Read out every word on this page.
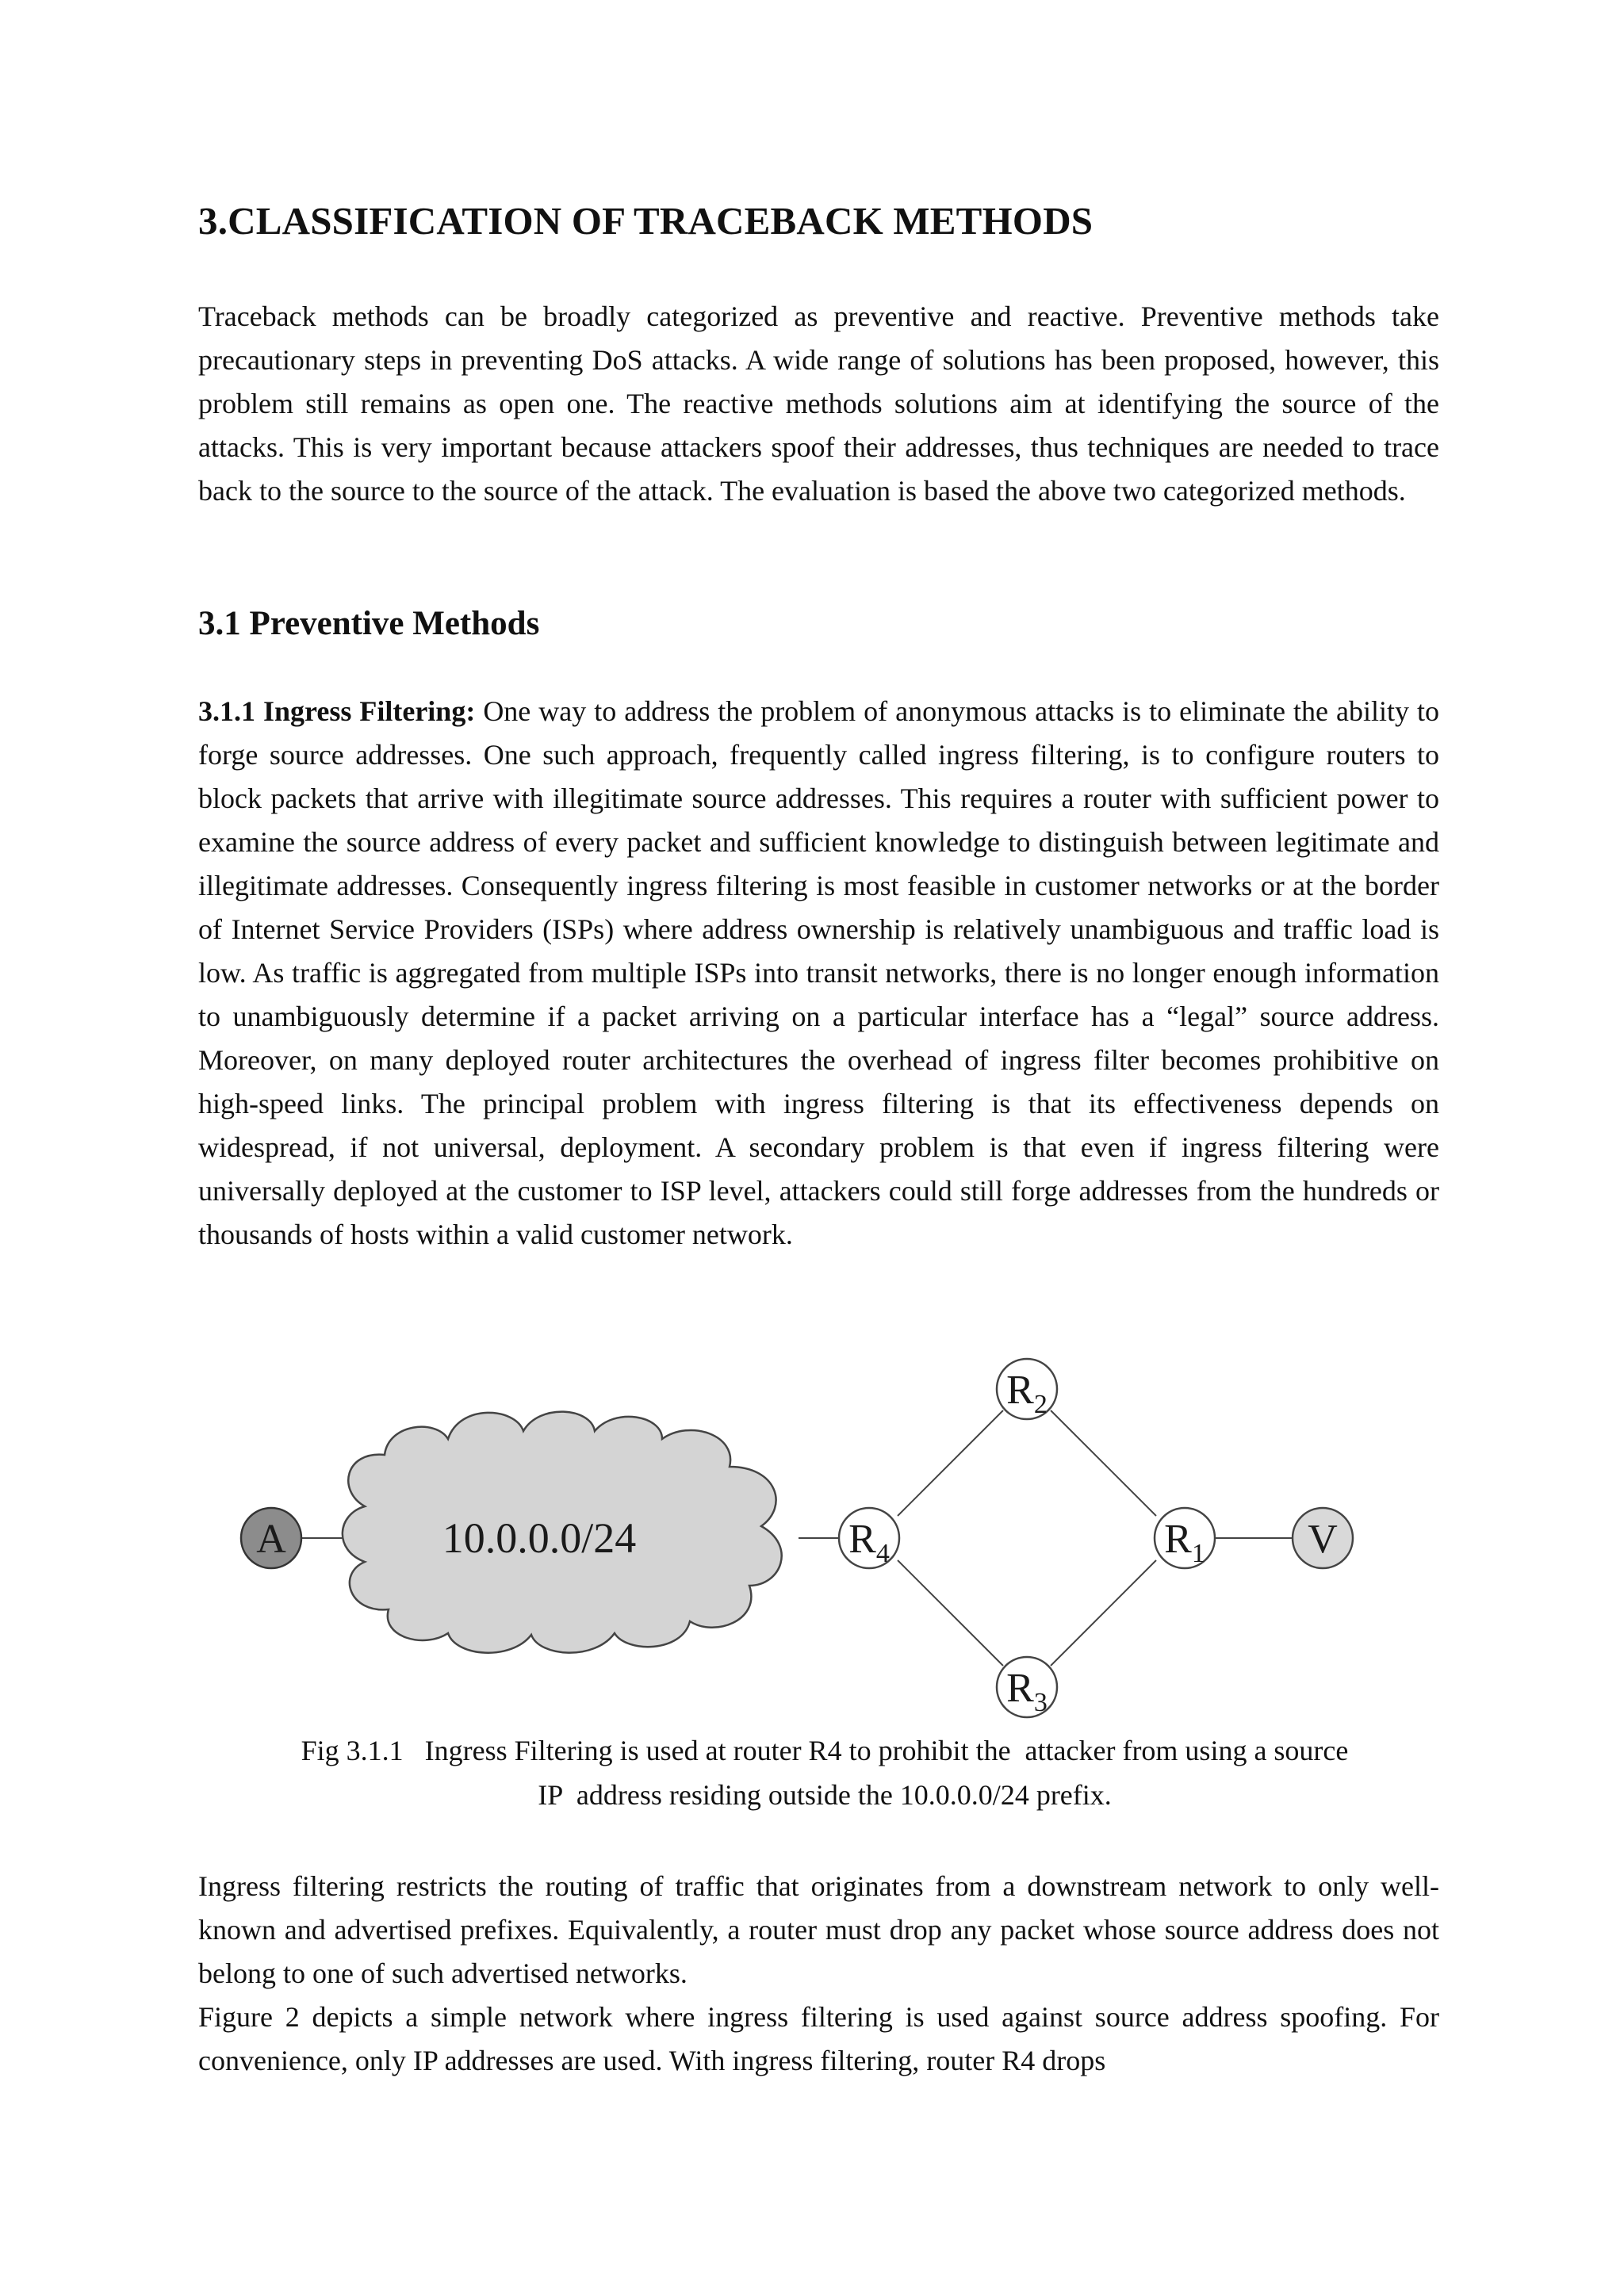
3.CLASSIFICATION OF TRACEBACK METHODS

Traceback methods can be broadly categorized as preventive and reactive. Preventive methods take precautionary steps in preventing DoS attacks. A wide range of solutions has been proposed, however, this problem still remains as open one. The reactive methods solutions aim at identifying the source of the attacks. This is very important because attackers spoof their addresses, thus techniques are needed to trace back to the source to the source of the attack. The evaluation is based the above two categorized methods.

3.1 Preventive Methods

3.1.1 Ingress Filtering: One way to address the problem of anonymous attacks is to eliminate the ability to forge source addresses. One such approach, frequently called ingress filtering, is to configure routers to block packets that arrive with illegitimate source addresses. This requires a router with sufficient power to examine the source address of every packet and sufficient knowledge to distinguish between legitimate and illegitimate addresses. Consequently ingress filtering is most feasible in customer networks or at the border of Internet Service Providers (ISPs) where address ownership is relatively unambiguous and traffic load is low. As traffic is aggregated from multiple ISPs into transit networks, there is no longer enough information to unambiguously determine if a packet arriving on a particular interface has a “legal” source address. Moreover, on many deployed router architectures the overhead of ingress filter becomes prohibitive on high-speed links. The principal problem with ingress filtering is that its effectiveness depends on widespread, if not universal, deployment. A secondary problem is that even if ingress filtering were universally deployed at the customer to ISP level, attackers could still forge addresses from the hundreds or thousands of hosts within a valid customer network.

10.0.0.0/24
A	$R_4$
$R_2$
$R_3$
$R_1$ V
Fig 3.1.1   Ingress Filtering is used at router R4 to prohibit the  attacker from using a source
IP  address residing outside the 10.0.0.0/24 prefix.

Ingress filtering restricts the routing of traffic that originates from a downstream network to only well-known and advertised prefixes. Equivalently, a router must drop any packet whose source address does not belong to one of such advertised networks.

Figure 2 depicts a simple network where ingress filtering is used against source address spoofing. For convenience, only IP addresses are used. With ingress filtering, router R4 drops
